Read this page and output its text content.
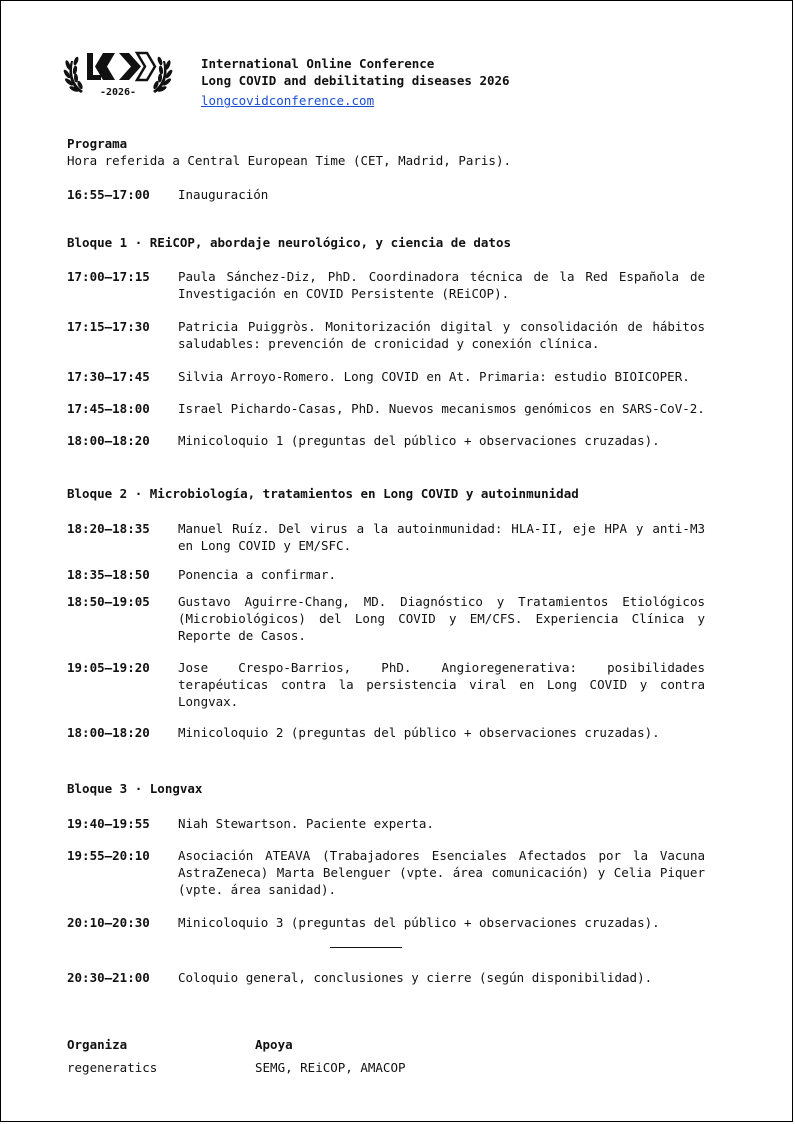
-2026-
International Online Conference
Long COVID and debilitating diseases 2026
longcovidconference.com
Programa
Hora referida a Central European Time (CET, Madrid, Paris).
16:55–17:00	Inauguración
Bloque 1 · REiCOP, abordaje neurológico, y ciencia de datos
17:00–17:15	Paula Sánchez-Diz, PhD. Coordinadora técnica de la Red Española de Investigación en COVID Persistente (REiCOP).
17:15–17:30	Patricia Puiggròs. Monitorización digital y consolidación de hábitos saludables: prevención de cronicidad y conexión clínica.
17:30–17:45	Silvia Arroyo-Romero. Long COVID en At. Primaria: estudio BIOICOPER.
17:45–18:00	Israel Pichardo-Casas, PhD. Nuevos mecanismos genómicos en SARS-CoV-2.
18:00–18:20	Minicoloquio 1 (preguntas del público + observaciones cruzadas).
Bloque 2 · Microbiología, tratamientos en Long COVID y autoinmunidad
18:20–18:35	Manuel Ruíz. Del virus a la autoinmunidad: HLA-II, eje HPA y anti-M3 en Long COVID y EM/SFC.
18:35–18:50	Ponencia a confirmar.
18:50–19:05	Gustavo Aguirre-Chang, MD. Diagnóstico y Tratamientos Etiológicos (Microbiológicos) del Long COVID y EM/CFS. Experiencia Clínica y Reporte de Casos.
19:05–19:20	Jose Crespo-Barrios, PhD. Angioregenerativa: posibilidades terapéuticas contra la persistencia viral en Long COVID y contra Longvax.
18:00–18:20	Minicoloquio 2 (preguntas del público + observaciones cruzadas).
Bloque 3 · Longvax
19:40–19:55	Niah Stewartson. Paciente experta.
19:55–20:10	Asociación ATEAVA (Trabajadores Esenciales Afectados por la Vacuna AstraZeneca) Marta Belenguer (vpte. área comunicación) y Celia Piquer (vpte. área sanidad).
20:10–20:30	Minicoloquio 3 (preguntas del público + observaciones cruzadas).
20:30–21:00	Coloquio general, conclusiones y cierre (según disponibilidad).
Organiza	Apoya
regeneratics	SEMG, REiCOP, AMACOP
